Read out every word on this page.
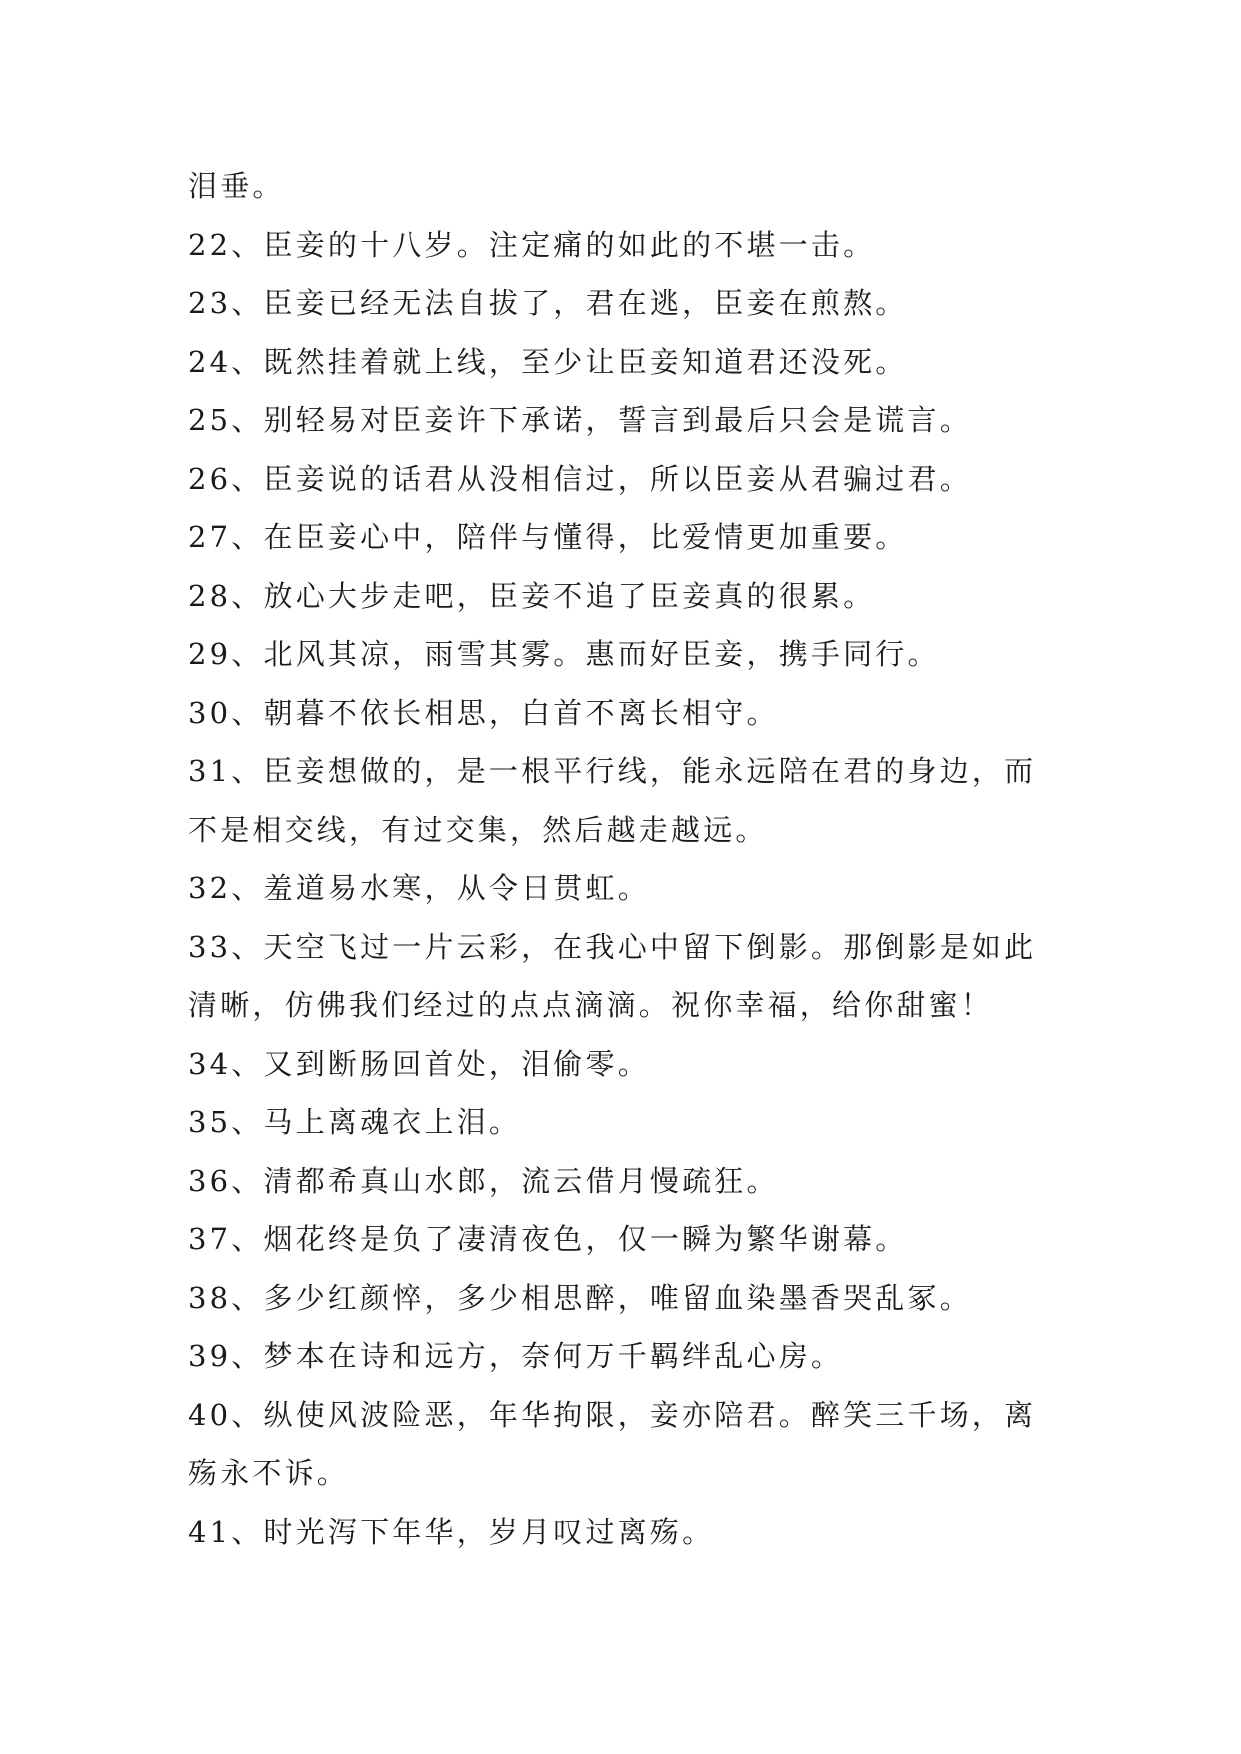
泪垂。
22、臣妾的十八岁。注定痛的如此的不堪一击。
23、臣妾已经无法自拔了，君在逃，臣妾在煎熬。
24、既然挂着就上线，至少让臣妾知道君还没死。
25、别轻易对臣妾许下承诺，誓言到最后只会是谎言。
26、臣妾说的话君从没相信过，所以臣妾从君骗过君。
27、在臣妾心中，陪伴与懂得，比爱情更加重要。
28、放心大步走吧，臣妾不追了臣妾真的很累。
29、北风其凉，雨雪其雾。惠而好臣妾，携手同行。
30、朝暮不依长相思，白首不离长相守。
31、臣妾想做的，是一根平行线，能永远陪在君的身边，而
不是相交线，有过交集，然后越走越远。
32、羞道易水寒，从令日贯虹。
33、天空飞过一片云彩，在我心中留下倒影。那倒影是如此
清晰，仿佛我们经过的点点滴滴。祝你幸福，给你甜蜜！
34、又到断肠回首处，泪偷零。
35、马上离魂衣上泪。
36、清都希真山水郎，流云借月慢疏狂。
37、烟花终是负了凄清夜色，仅一瞬为繁华谢幕。
38、多少红颜悴，多少相思醉，唯留血染墨香哭乱冢。
39、梦本在诗和远方，奈何万千羁绊乱心房。
40、纵使风波险恶，年华拘限，妾亦陪君。醉笑三千场，离
殇永不诉。
41、时光泻下年华，岁月叹过离殇。
